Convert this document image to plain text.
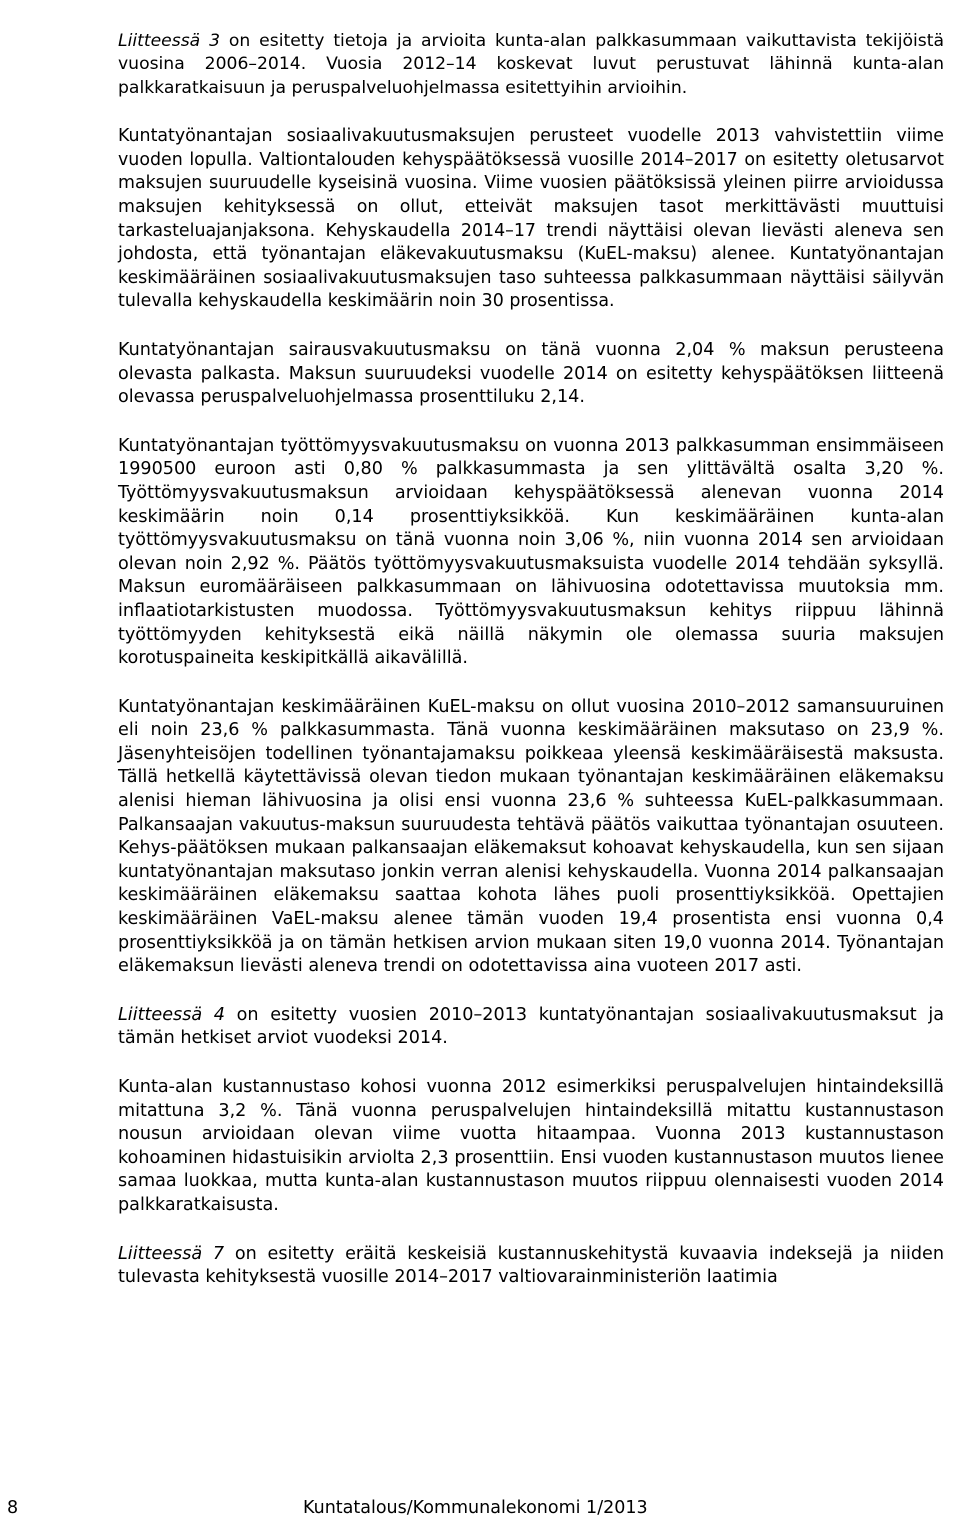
Liitteessä 3 on esitetty tietoja ja arvioita kunta-alan palkkasummaan vaikuttavista tekijöistä vuosina 2006–2014. Vuosia 2012–14 koskevat luvut perustuvat lähinnä kunta-alan palkkaratkaisuun ja peruspalveluohjelmassa esitettyihin arvioihin.

Kuntatyönantajan sosiaalivakuutusmaksujen perusteet vuodelle 2013 vahvistettiin viime vuoden lopulla. Valtiontalouden kehyspäätöksessä vuosille 2014–2017 on esitetty oletusarvot maksujen suuruudelle kyseisinä vuosina. Viime vuosien päätöksissä yleinen piirre arvioidussa maksujen kehityksessä on ollut, etteivät maksujen tasot merkittävästi muuttuisi tarkasteluajanjaksona. Kehyskaudella 2014–17 trendi näyttäisi olevan lievästi aleneva sen johdosta, että työnantajan eläkevakuutusmaksu (KuEL-maksu) alenee. Kuntatyönantajan keskimääräinen sosiaalivakuutusmaksujen taso suhteessa palkkasummaan näyttäisi säilyvän tulevalla kehyskaudella keskimäärin noin 30 prosentissa.

Kuntatyönantajan sairausvakuutusmaksu on tänä vuonna 2,04 % maksun perusteena olevasta palkasta. Maksun suuruudeksi vuodelle 2014 on esitetty kehyspäätöksen liitteenä olevassa peruspalveluohjelmassa prosenttiluku 2,14.

Kuntatyönantajan työttömyysvakuutusmaksu on vuonna 2013 palkkasumman ensimmäiseen 1990500 euroon asti 0,80 % palkkasummasta ja sen ylittävältä osalta 3,20 %. Työttömyysvakuutusmaksun arvioidaan kehyspäätöksessä alenevan vuonna 2014 keskimäärin noin 0,14 prosenttiyksikköä. Kun keskimääräinen kunta-alan työttömyysvakuutusmaksu on tänä vuonna noin 3,06 %, niin vuonna 2014 sen arvioidaan olevan noin 2,92 %. Päätös työttömyysvakuutusmaksuista vuodelle 2014 tehdään syksyllä. Maksun euromääräiseen palkkasummaan on lähivuosina odotettavissa muutoksia mm. inflaatiotarkistusten muodossa. Työttömyysvakuutusmaksun kehitys riippuu lähinnä työttömyyden kehityksestä eikä näillä näkymin ole olemassa suuria maksujen korotuspaineita keskipitkällä aikavälillä.

Kuntatyönantajan keskimääräinen KuEL-maksu on ollut vuosina 2010–2012 samansuuruinen eli noin 23,6 % palkkasummasta. Tänä vuonna keskimääräinen maksutaso on 23,9 %. Jäsenyhteisöjen todellinen työnantajamaksu poikkeaa yleensä keskimääräisestä maksusta. Tällä hetkellä käytettävissä olevan tiedon mukaan työnantajan keskimääräinen eläkemaksu alenisi hieman lähivuosina ja olisi ensi vuonna 23,6 % suhteessa KuEL-palkkasummaan. Palkansaajan vakuutus-maksun suuruudesta tehtävä päätös vaikuttaa työnantajan osuuteen. Kehys-päätöksen mukaan palkansaajan eläkemaksut kohoavat kehyskaudella, kun sen sijaan kuntatyönantajan maksutaso jonkin verran alenisi kehyskaudella. Vuonna 2014 palkansaajan keskimääräinen eläkemaksu saattaa kohota lähes puoli prosenttiyksikköä. Opettajien keskimääräinen VaEL-maksu alenee tämän vuoden 19,4 prosentista ensi vuonna 0,4 prosenttiyksikköä ja on tämän hetkisen arvion mukaan siten 19,0 vuonna 2014. Työnantajan eläkemaksun lievästi aleneva trendi on odotettavissa aina vuoteen 2017 asti.

Liitteessä 4 on esitetty vuosien 2010–2013 kuntatyönantajan sosiaalivakuutusmaksut ja tämän hetkiset arviot vuodeksi 2014.

Kunta-alan kustannustaso kohosi vuonna 2012 esimerkiksi peruspalvelujen hintaindeksillä mitattuna 3,2 %. Tänä vuonna peruspalvelujen hintaindeksillä mitattu kustannustason nousun arvioidaan olevan viime vuotta hitaampaa. Vuonna 2013 kustannustason kohoaminen hidastuisikin arviolta 2,3 prosenttiin. Ensi vuoden kustannustason muutos lienee samaa luokkaa, mutta kunta-alan kustannustason muutos riippuu olennaisesti vuoden 2014 palkkaratkaisusta.

Liitteessä 7 on esitetty eräitä keskeisiä kustannuskehitystä kuvaavia indeksejä ja niiden tulevasta kehityksestä vuosille 2014–2017 valtiovarainministeriön laatimia

8	Kuntatalous/Kommunalekonomi 1/2013
